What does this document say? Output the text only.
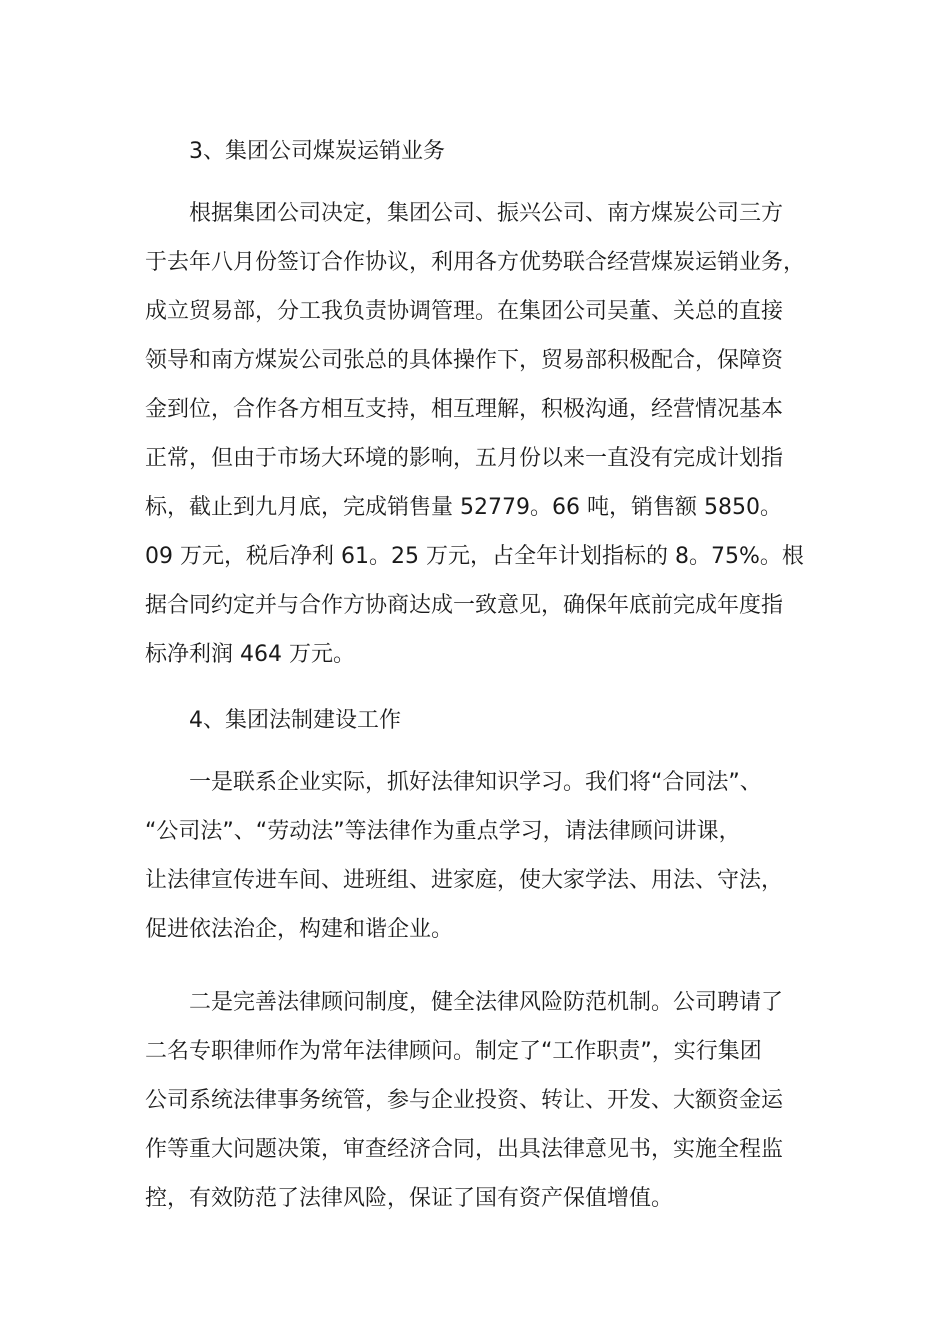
3、集团公司煤炭运销业务
根据集团公司决定，集团公司、振兴公司、南方煤炭公司三方
于去年八月份签订合作协议，利用各方优势联合经营煤炭运销业务，
成立贸易部，分工我负责协调管理。在集团公司吴董、关总的直接
领导和南方煤炭公司张总的具体操作下，贸易部积极配合，保障资
金到位，合作各方相互支持，相互理解，积极沟通，经营情况基本
正常，但由于市场大环境的影响，五月份以来一直没有完成计划指
标，截止到九月底，完成销售量 52779。66 吨，销售额 5850。
09 万元，税后净利 61。25 万元，占全年计划指标的 8。75%。根
据合同约定并与合作方协商达成一致意见，确保年底前完成年度指
标净利润 464 万元。
4、集团法制建设工作
一是联系企业实际，抓好法律知识学习。我们将“合同法”、
“公司法”、“劳动法”等法律作为重点学习，请法律顾问讲课，
让法律宣传进车间、进班组、进家庭，使大家学法、用法、守法，
促进依法治企，构建和谐企业。
二是完善法律顾问制度，健全法律风险防范机制。公司聘请了
二名专职律师作为常年法律顾问。制定了“工作职责”，实行集团
公司系统法律事务统管，参与企业投资、转让、开发、大额资金运
作等重大问题决策，审查经济合同，出具法律意见书，实施全程监
控，有效防范了法律风险，保证了国有资产保值增值。
